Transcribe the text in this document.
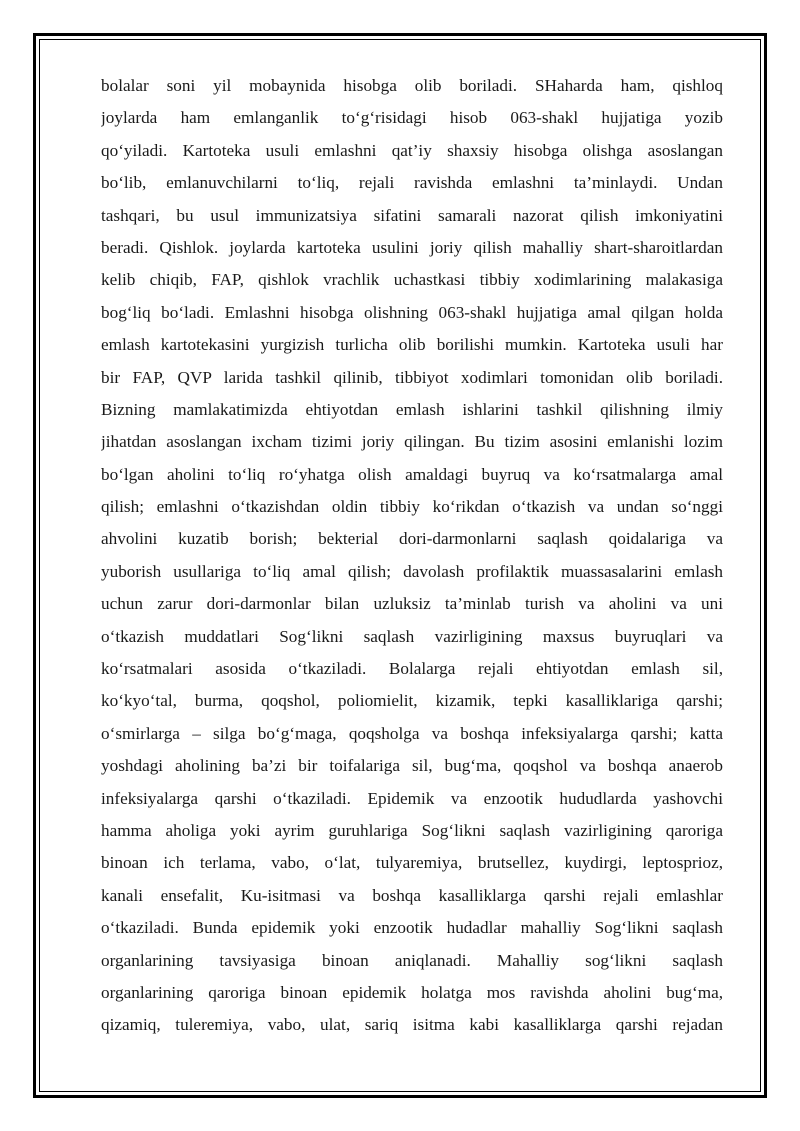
bolalar soni yil mobaynida hisobga olib boriladi. SHaharda ham, qishloq
joylarda ham emlanganlik to‘g‘risidagi hisob 063-shakl hujjatiga yozib
qo‘yiladi. Kartoteka usuli emlashni qat’iy shaxsiy hisobga olishga asoslangan
bo‘lib, emlanuvchilarni to‘liq, rejali ravishda emlashni ta’minlaydi. Undan
tashqari, bu usul immunizatsiya sifatini samarali nazorat qilish imkoniyatini
beradi. Qishlok. joylarda kartoteka usulini joriy qilish mahalliy shart-sharoitlardan
kelib chiqib, FAP, qishlok vrachlik uchastkasi tibbiy xodimlarining malakasiga
bog‘liq bo‘ladi. Emlashni hisobga olishning 063-shakl hujjatiga amal qilgan holda
emlash kartotekasini yurgizish turlicha olib borilishi mumkin. Kartoteka usuli har
bir FAP, QVP larida tashkil qilinib, tibbiyot xodimlari tomonidan olib boriladi.
Bizning mamlakatimizda ehtiyotdan emlash ishlarini tashkil qilishning ilmiy
jihatdan asoslangan ixcham tizimi joriy qilingan. Bu tizim asosini emlanishi lozim
bo‘lgan aholini to‘liq ro‘yhatga olish amaldagi buyruq va ko‘rsatmalarga amal
qilish; emlashni o‘tkazishdan oldin tibbiy ko‘rikdan o‘tkazish va undan so‘nggi
ahvolini kuzatib borish; bekterial dori-darmonlarni saqlash qoidalariga va
yuborish usullariga to‘liq amal qilish; davolash profilaktik muassasalarini emlash
uchun zarur dori-darmonlar bilan uzluksiz ta’minlab turish va aholini va uni
o‘tkazish muddatlari Sog‘likni saqlash vazirligining maxsus buyruqlari va
ko‘rsatmalari asosida o‘tkaziladi. Bolalarga rejali ehtiyotdan emlash sil,
ko‘kyo‘tal, burma, qoqshol, poliomielit, kizamik, tepki kasalliklariga qarshi;
o‘smirlarga – silga bo‘g‘maga, qoqsholga va boshqa infeksiyalarga qarshi; katta
yoshdagi aholining ba’zi bir toifalariga sil, bug‘ma, qoqshol va boshqa anaerob
infeksiyalarga qarshi o‘tkaziladi. Epidemik va enzootik hududlarda yashovchi
hamma aholiga yoki ayrim guruhlariga Sog‘likni saqlash vazirligining qaroriga
binoan ich terlama, vabo, o‘lat, tulyaremiya, brutsellez, kuydirgi, leptosprioz,
kanali ensefalit, Ku-isitmasi va boshqa kasalliklarga qarshi rejali emlashlar
o‘tkaziladi. Bunda epidemik yoki enzootik hudadlar mahalliy Sog‘likni saqlash
organlarining tavsiyasiga binoan aniqlanadi. Mahalliy sog‘likni saqlash
organlarining qaroriga binoan epidemik holatga mos ravishda aholini bug‘ma,
qizamiq, tuleremiya, vabo, ulat, sariq isitma kabi kasalliklarga qarshi rejadan
